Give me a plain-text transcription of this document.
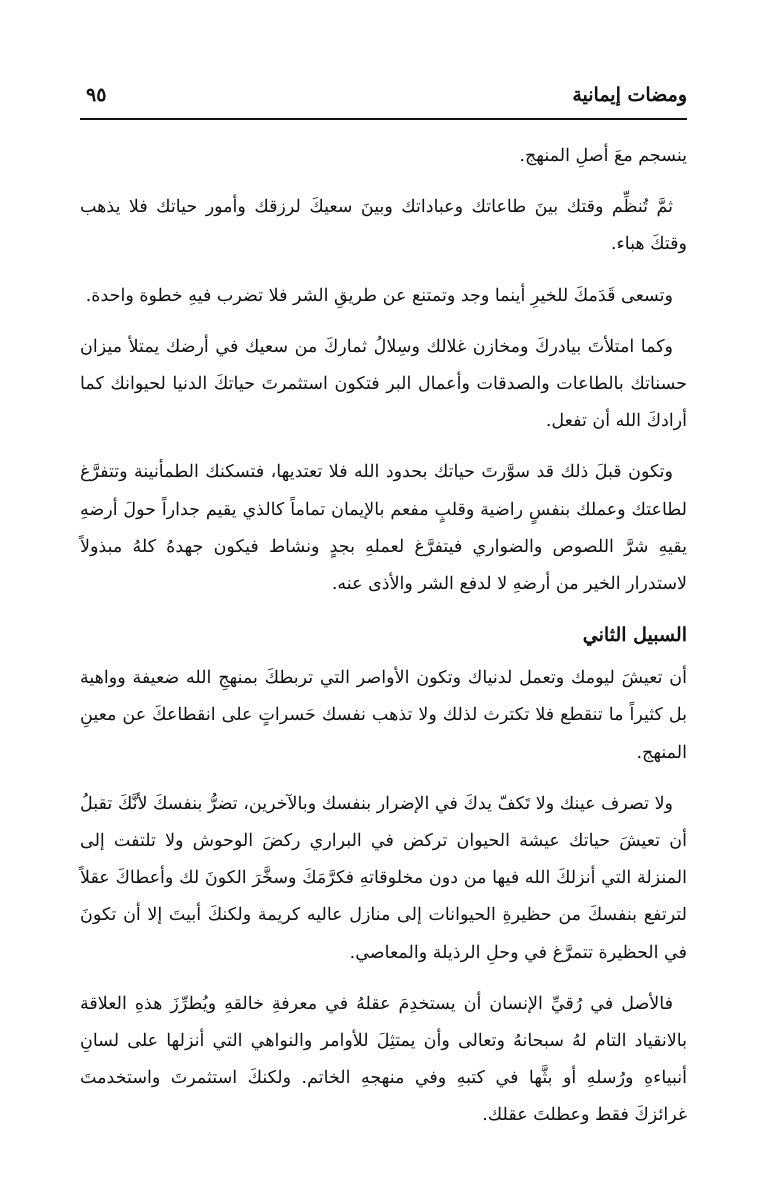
ومضات إيمانية
٩٥

ينسجم معَ أصلِ المنهج.

ثمَّ تُنظِّم وقتك بينَ طاعاتك وعباداتك وبينَ سعيكَ لرزقك وأمور حياتك فلا يذهب وقتكَ هباء.

وتسعى قَدَمكَ للخيرِ أينما وجد وتمتنع عن طريقِ الشر فلا تضرب فيهِ خطوة واحدة.

وكما امتلأتَ بيادركَ ومخازن غلالك وسِلالُ ثماركَ من سعيك في أرضك يمتلأ ميزان حسناتك بالطاعات والصدقات وأعمال البر فتكون استثمرتَ حياتكَ الدنيا لحيوانك كما أرادكَ الله أن تفعل.

وتكون قبلَ ذلك قد سوَّرتَ حياتك بحدود الله فلا تعتديها، فتسكنك الطمأنينة وتتفرَّغ لطاعتك وعملك بنفسٍ راضية وقلبٍ مفعم بالإيمان تماماً كالذي يقيم جداراً حولَ أرضهِ يقيهِ شرَّ اللصوص والضواري فيتفرَّغ لعملهِ بجدٍ ونشاط فيكون جهدهُ كلهُ مبذولاً لاستدرار الخير من أرضهِ لا لدفع الشر والأذى عنه.

السبيل الثاني

أن تعيشَ ليومك وتعمل لدنياك وتكون الأواصر التي تربطكَ بمنهجِ الله ضعيفة وواهية بل كثيراً ما تنقطع فلا تكترث لذلك ولا تذهب نفسك حَسراتٍ على انقطاعكَ عن معينِ المنهج.

ولا تصرف عينك ولا تَكفّ يدكَ في الإضرار بنفسك وبالآخرين، تضرُّ بنفسكَ لأنَّكَ تقبلُ أن تعيشَ حياتك عيشة الحيوان تركض في البراري ركضَ الوحوش ولا تلتفت إلى المنزلة التي أنزلكَ الله فيها من دون مخلوقاتهِ فكرَّمَكَ وسخَّرَ الكونَ لك وأعطاكَ عقلاً لترتفع بنفسكَ من حظيرةِ الحيوانات إلى منازل عاليه كريمة ولكنكَ أبيتَ إلا أن تكونَ في الحظيرة تتمرَّغ في وحلِ الرذيلة والمعاصي.

فالأصل في رُقيِّ الإنسان أن يستخدِمَ عقلهُ في معرفةِ خالقهِ ويُطرِّزَ هذهِ العلاقة بالانقياد التام لهُ سبحانهُ وتعالى وأن يمتثِلَ للأوامر والنواهي التي أنزلها على لسانِ أنبياءهِ ورُسلهِ أو بثَّها في كتبهِ وفي منهجهِ الخاتم. ولكنكَ استثمرتَ واستخدمتَ غرائزكَ فقط وعطلتَ عقلك.
